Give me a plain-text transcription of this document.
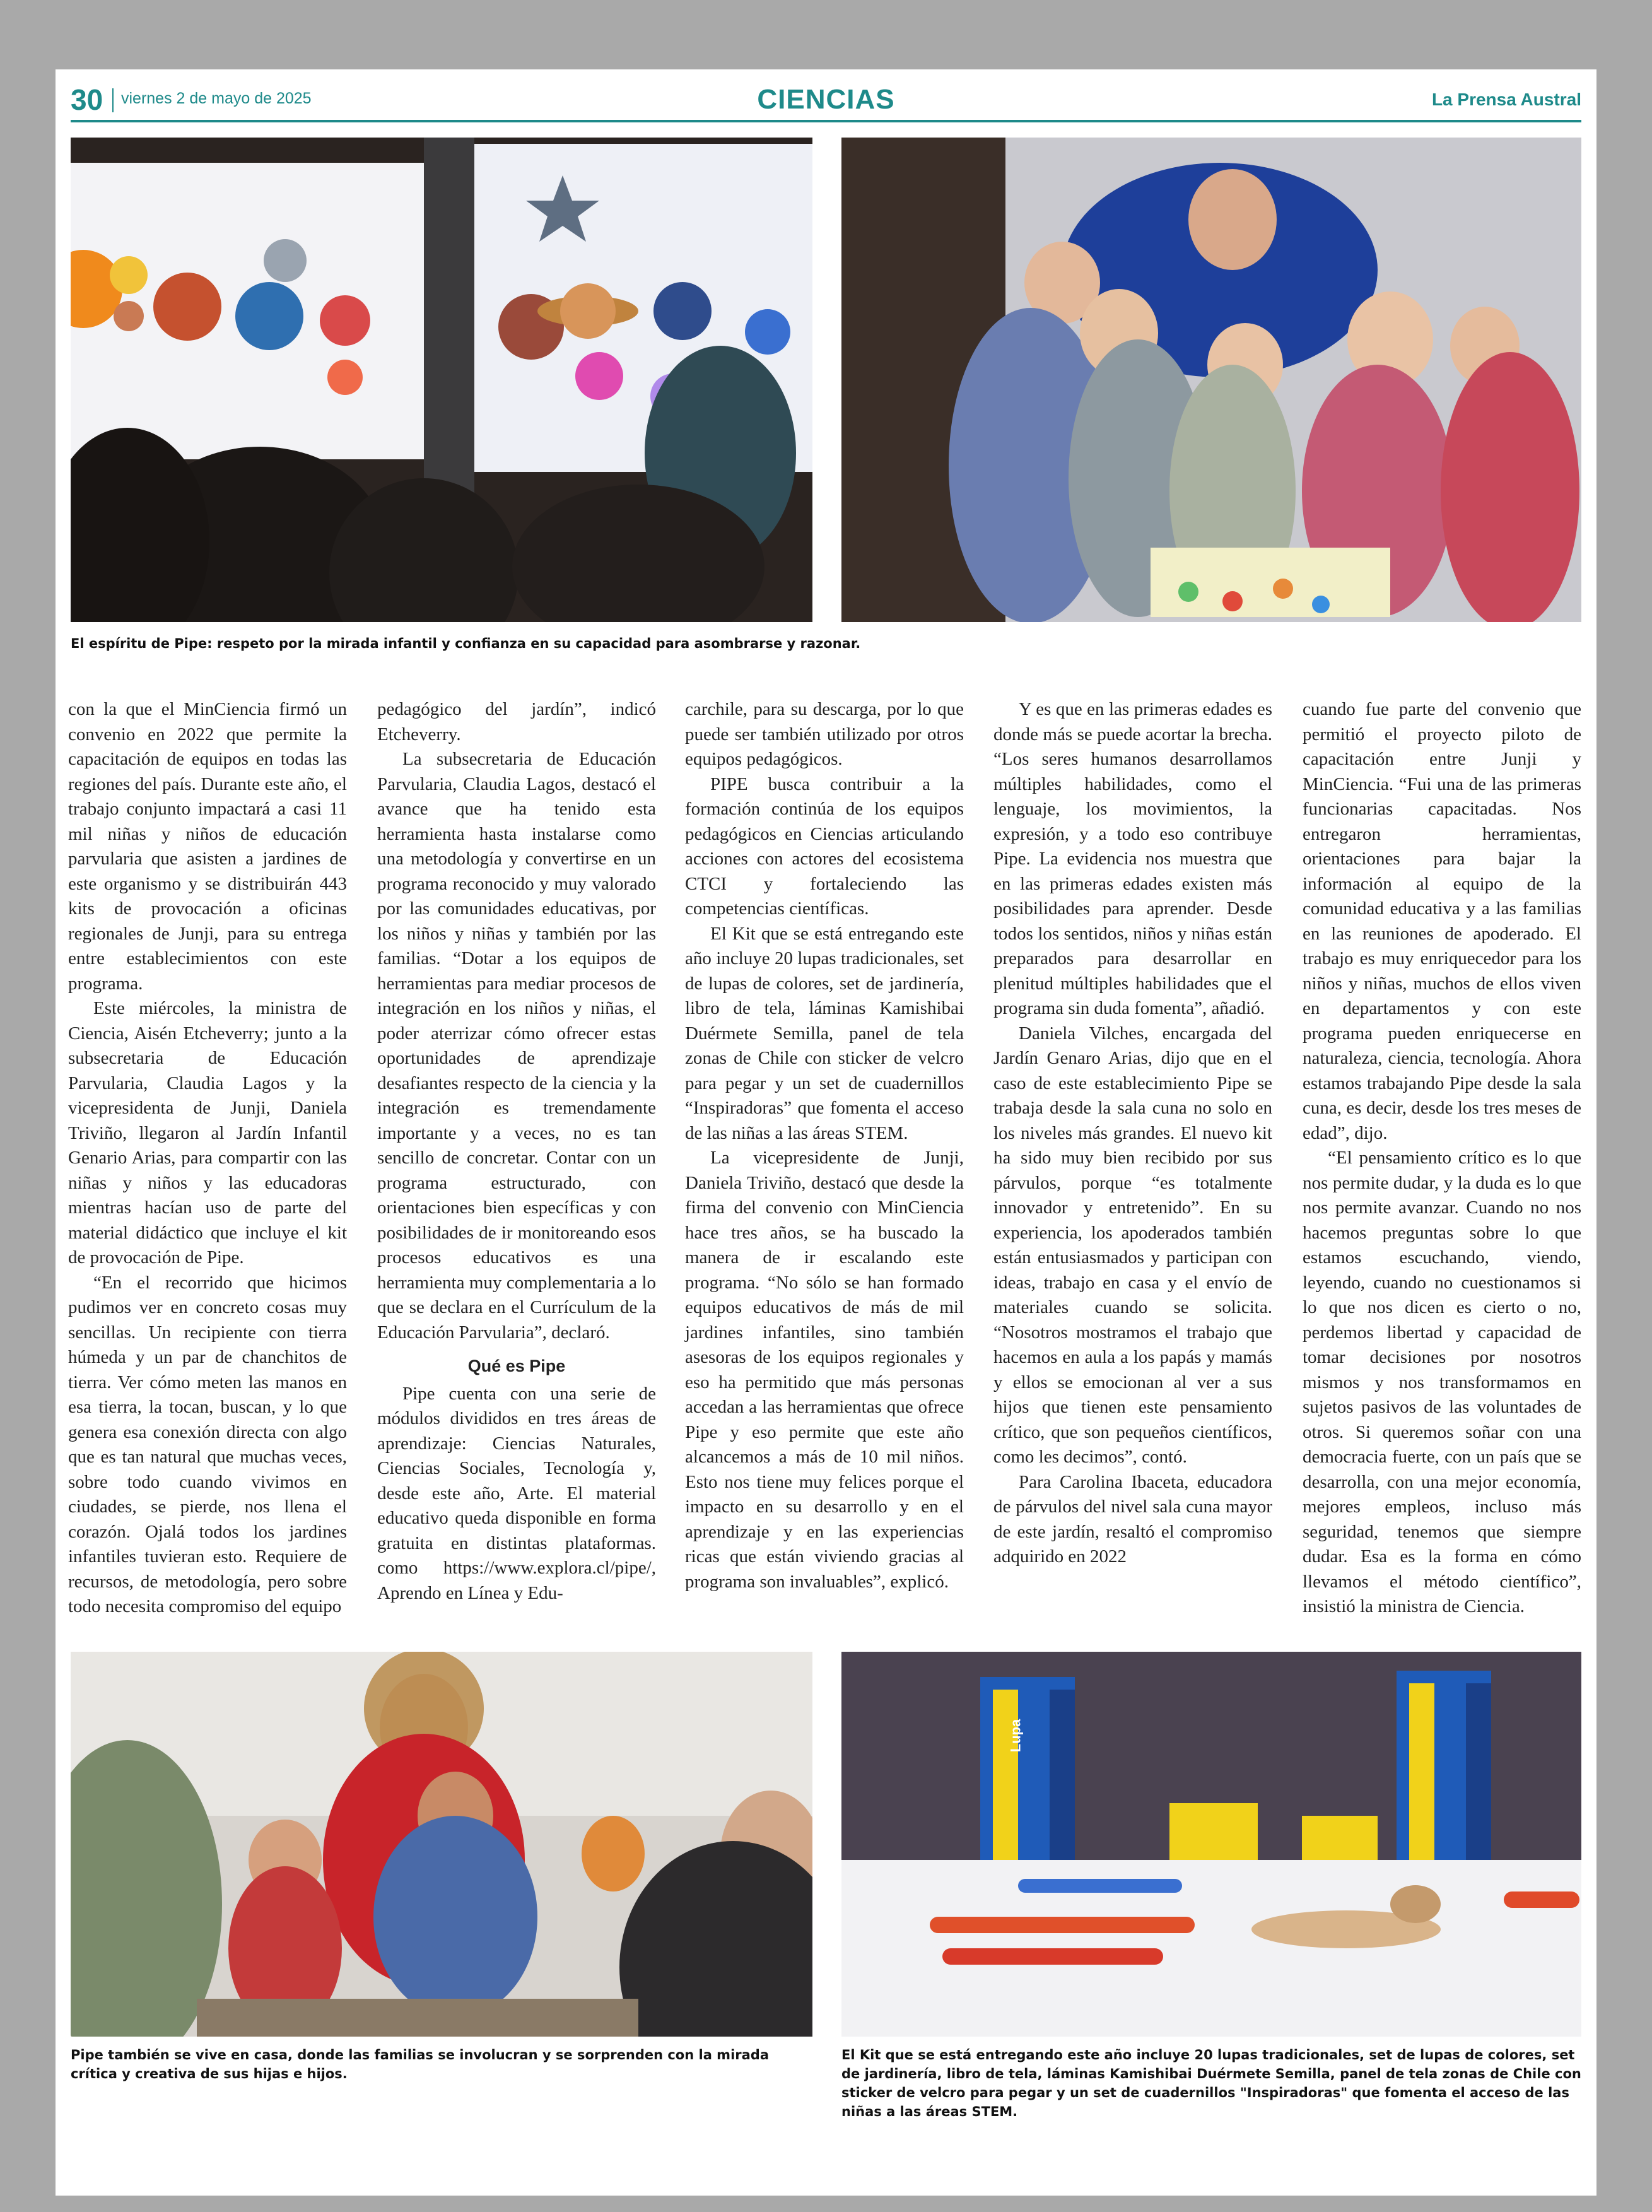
30 viernes 2 de mayo de 2025	CIENCIAS	La Prensa Austral
El espíritu de Pipe: respeto por la mirada infantil y confianza en su capacidad para asombrarse y razonar.

con la que el MinCiencia firmó un convenio en 2022 que permite la capacitación de equipos en todas las regiones del país. Durante este año, el trabajo conjunto impactará a casi 11 mil niñas y niños de educación parvularia que asisten a jardines de este organismo y se distribuirán 443 kits de provocación a oficinas regionales de Junji, para su entrega entre establecimientos con este programa.

Este miércoles, la ministra de Ciencia, Aisén Etcheverry; junto a la subsecretaria de Educación Parvularia, Claudia Lagos y la vicepresidenta de Junji, Daniela Triviño, llegaron al Jardín Infantil Genario Arias, para compartir con las niñas y niños y las educadoras mientras hacían uso de parte del material didáctico que incluye el kit de provocación de Pipe.

“En el recorrido que hicimos pudimos ver en concreto cosas muy sencillas. Un recipiente con tierra húmeda y un par de chanchitos de tierra. Ver cómo meten las manos en esa tierra, la tocan, buscan, y lo que genera esa conexión directa con algo que es tan natural que muchas veces, sobre todo cuando vivimos en ciudades, se pierde, nos llena el corazón. Ojalá todos los jardines infantiles tuvieran esto. Requiere de recursos, de metodología, pero sobre todo necesita compromiso del equipo

pedagógico del jardín”, indicó Etcheverry.

La subsecretaria de Educación Parvularia, Claudia Lagos, destacó el avance que ha tenido esta herramienta hasta instalarse como una metodología y convertirse en un programa reconocido y muy valorado por las comunidades educativas, por los niños y niñas y también por las familias. “Dotar a los equipos de herramientas para mediar procesos de integración en los niños y niñas, el poder aterrizar cómo ofrecer estas oportunidades de aprendizaje desafiantes respecto de la ciencia y la integración es tremendamente importante y a veces, no es tan sencillo de concretar. Contar con un programa estructurado, con orientaciones bien específicas y con posibilidades de ir monitoreando esos procesos educativos es una herramienta muy complementaria a lo que se declara en el Currículum de la Educación Parvularia”, declaró.

Qué es Pipe

Pipe cuenta con una serie de módulos divididos en tres áreas de aprendizaje: Ciencias Naturales, Ciencias Sociales, Tecnología y, desde este año, Arte. El material educativo queda disponible en forma gratuita en distintas plataformas. como https://www.explora.cl/pipe/, Aprendo en Línea y Edu-

carchile, para su descarga, por lo que puede ser también utilizado por otros equipos pedagógicos.

PIPE busca contribuir a la formación continúa de los equipos pedagógicos en Ciencias articulando acciones con actores del ecosistema CTCI y fortaleciendo las competencias científicas.

El Kit que se está entregando este año incluye 20 lupas tradicionales, set de lupas de colores, set de jardinería, libro de tela, láminas Kamishibai Duérmete Semilla, panel de tela zonas de Chile con sticker de velcro para pegar y un set de cuadernillos “Inspiradoras” que fomenta el acceso de las niñas a las áreas STEM.

La vicepresidente de Junji, Daniela Triviño, destacó que desde la firma del convenio con MinCiencia hace tres años, se ha buscado la manera de ir escalando este programa. “No sólo se han formado equipos educativos de más de mil jardines infantiles, sino también asesoras de los equipos regionales y eso ha permitido que más personas accedan a las herramientas que ofrece Pipe y eso permite que este año alcancemos a más de 10 mil niños. Esto nos tiene muy felices porque el impacto en su desarrollo y en el aprendizaje y en las experiencias ricas que están viviendo gracias al programa son invaluables”, explicó.

Y es que en las primeras edades es donde más se puede acortar la brecha. “Los seres humanos desarrollamos múltiples habilidades, como el lenguaje, los movimientos, la expresión, y a todo eso contribuye Pipe. La evidencia nos muestra que en las primeras edades existen más posibilidades para aprender. Desde todos los sentidos, niños y niñas están preparados para desarrollar en plenitud múltiples habilidades que el programa sin duda fomenta”, añadió.

Daniela Vilches, encargada del Jardín Genaro Arias, dijo que en el caso de este establecimiento Pipe se trabaja desde la sala cuna no solo en los niveles más grandes. El nuevo kit ha sido muy bien recibido por sus párvulos, porque “es totalmente innovador y entretenido”. En su experiencia, los apoderados también están entusiasmados y participan con ideas, trabajo en casa y el envío de materiales cuando se solicita. “Nosotros mostramos el trabajo que hacemos en aula a los papás y mamás y ellos se emocionan al ver a sus hijos que tienen este pensamiento crítico, que son pequeños científicos, como les decimos”, contó.

Para Carolina Ibaceta, educadora de párvulos del nivel sala cuna mayor de este jardín, resaltó el compromiso adquirido en 2022

cuando fue parte del convenio que permitió el proyecto piloto de capacitación entre Junji y MinCiencia. “Fui una de las primeras funcionarias capacitadas. Nos entregaron herramientas, orientaciones para bajar la información al equipo de la comunidad educativa y a las familias en las reuniones de apoderado. El trabajo es muy enriquecedor para los niños y niñas, muchos de ellos viven en departamentos y con este programa pueden enriquecerse en naturaleza, ciencia, tecnología. Ahora estamos trabajando Pipe desde la sala cuna, es decir, desde los tres meses de edad”, dijo.

“El pensamiento crítico es lo que nos permite dudar, y la duda es lo que nos permite avanzar. Cuando no nos hacemos preguntas sobre lo que estamos escuchando, viendo, leyendo, cuando no cuestionamos si lo que nos dicen es cierto o no, perdemos libertad y capacidad de tomar decisiones por nosotros mismos y nos transformamos en sujetos pasivos de las voluntades de otros. Si queremos soñar con una democracia fuerte, con un país que se desarrolla, con una mejor economía, mejores empleos, incluso más seguridad, tenemos que siempre dudar. Esa es la forma en cómo llevamos el método científico”, insistió la ministra de Ciencia.

Lupa
Pipe también se vive en casa, donde las familias se involucran y se sorprenden con la mirada crítica y creativa de sus hijas e hijos.
El Kit que se está entregando este año incluye 20 lupas tradicionales, set de lupas de colores, set de jardinería, libro de tela, láminas Kamishibai Duérmete Semilla, panel de tela zonas de Chile con sticker de velcro para pegar y un set de cuadernillos "Inspiradoras" que fomenta el acceso de las niñas a las áreas STEM.
